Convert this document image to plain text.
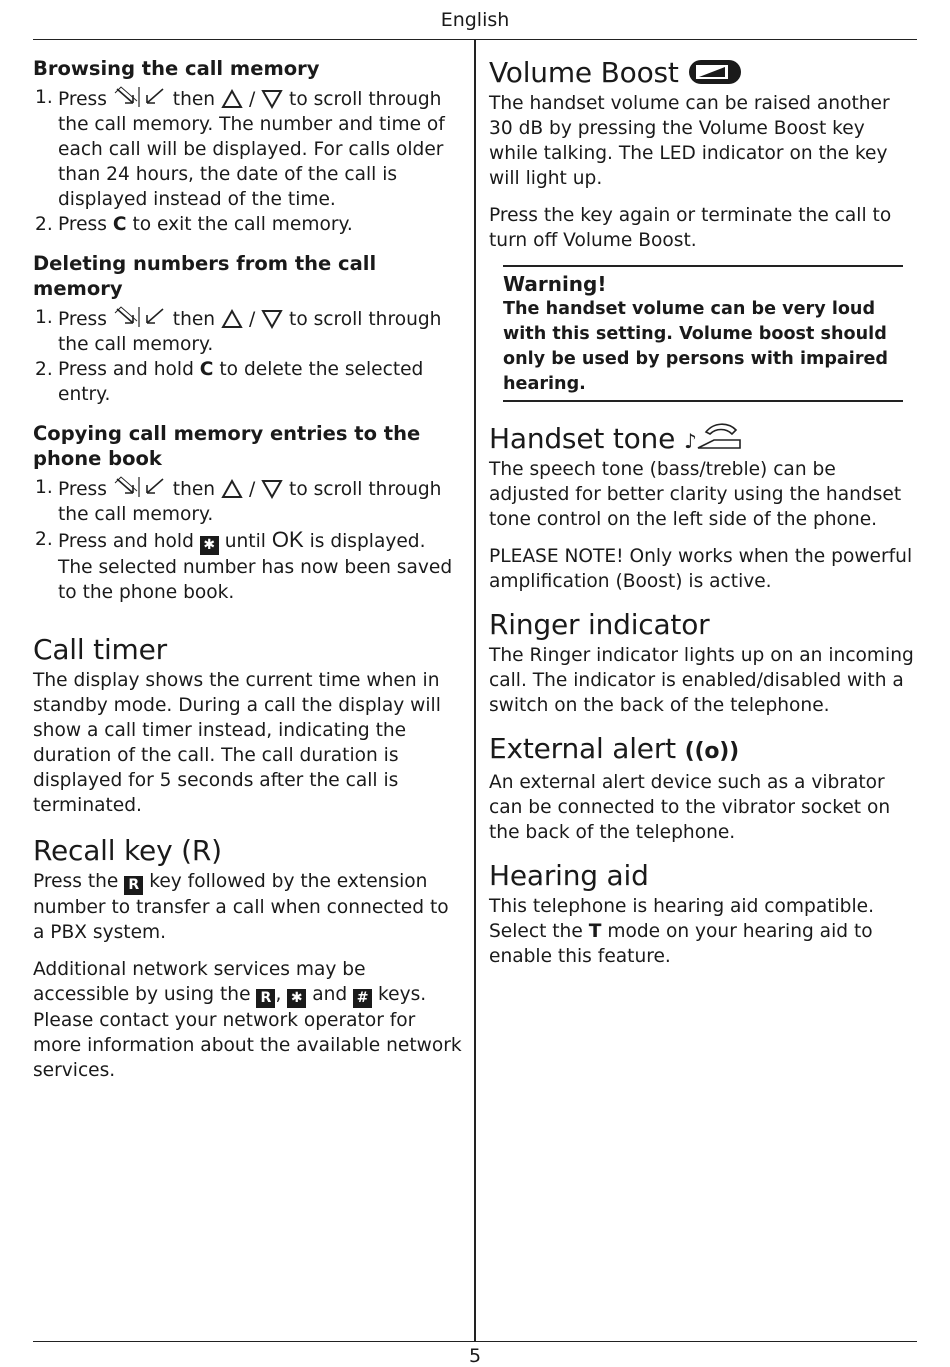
English
5

Browsing the call memory

1. Press	then / to scroll through the call memory. The number and time of each call will be displayed. For calls older than 24 hours, the date of the call is displayed instead of the time.
2. Press C to exit the call memory.

Deleting numbers from the call memory

1. Press	then / to scroll through the call memory.
2. Press and hold C to delete the selected entry.

Copying call memory entries to the phone book

1. Press	then / to scroll through the call memory.
2. Press and hold ✱ until OK is displayed. The selected number has now been saved to the phone book.

Call timer

The display shows the current time when in standby mode. During a call the display will show a call timer instead, indicating the duration of the call. The call duration is displayed for 5 seconds after the call is terminated.

Recall key (R)

Press the R key followed by the extension number to transfer a call when connected to a PBX system.

Additional network services may be accessible by using the R , ✱ and # keys. Please contact your network operator for more information about the available network services.

Volume Boost

The handset volume can be raised another 30 dB by pressing the Volume Boost key while talking. The LED indicator on the key will light up.

Press the key again or terminate the call to turn off Volume Boost.

Warning!

The handset volume can be very loud with this setting. Volume boost should only be used by persons with impaired hearing.

Handset tone ♪

The speech tone (bass/treble) can be adjusted for better clarity using the handset tone control on the left side of the phone.

PLEASE NOTE! Only works when the powerful amplification (Boost) is active.

Ringer indicator

The Ringer indicator lights up on an incoming call. The indicator is enabled/disabled with a switch on the back of the telephone.

External alert ((o))

An external alert device such as a vibrator can be connected to the vibrator socket on the back of the telephone.

Hearing aid

This telephone is hearing aid compatible. Select the T mode on your hearing aid to enable this feature.
